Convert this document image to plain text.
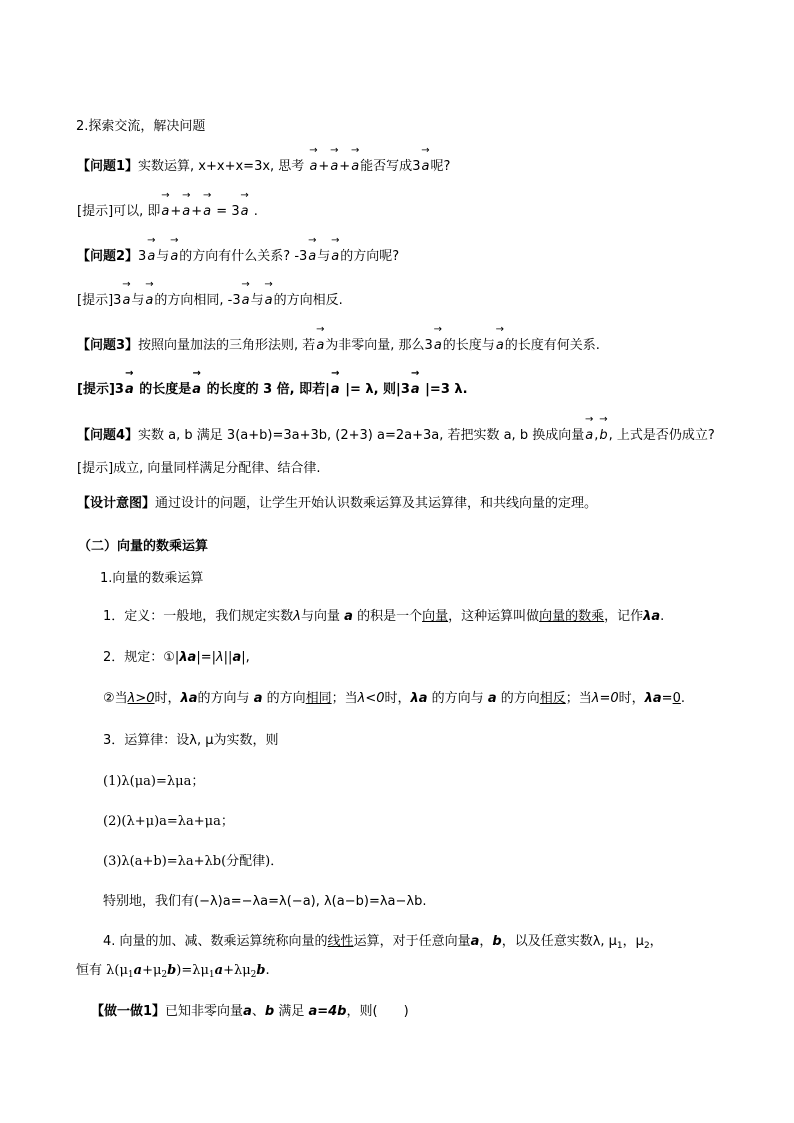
2.探索交流，解决问题
【问题1】实数运算, x+x+x=3x, 思考 → a+→ a+→ a能否写成3→ a呢?
[提示]可以, 即→ a+→ a+→ a = 3→ a .
【问题2】3→ a与→ a的方向有什么关系? -3→ a与→ a的方向呢?
[提示]3→ a与→ a的方向相同, -3→ a与→ a的方向相反.
【问题3】按照向量加法的三角形法则, 若→ a为非零向量, 那么3→ a的长度与→ a的长度有何关系.
[提示]3→ a 的长度是→ a 的长度的 3 倍, 即若|→ a |= λ, 则|3→ a |=3 λ.
【问题4】实数 a, b 满足 3(a+b)=3a+3b, (2+3) a=2a+3a, 若把实数 a, b 换成向量→ a,→ b, 上式是否仍成立?
[提示]成立, 向量同样满足分配律、结合律.
【设计意图】通过设计的问题，让学生开始认识数乘运算及其运算律，和共线向量的定理。
（二）向量的数乘运算
1.向量的数乘运算
1．定义：一般地，我们规定实数λ与向量 a 的积是一个向量，这种运算叫做向量的数乘，记作λa.
2．规定：①|λa|=|λ||a|,
②当λ>0时，λa的方向与 a 的方向相同；当λ<0时，λa 的方向与 a 的方向相反；当λ=0时，λa=0.
3．运算律：设λ, μ为实数，则
(1)λ(μa)=λμa；
(2)(λ+μ)a=λa+μa；
(3)λ(a+b)=λa+λb(分配律)．
特别地，我们有(−λ)a=−λa=λ(−a), λ(a−b)=λa−λb.
4. 向量的加、减、数乘运算统称向量的线性运算，对于任意向量a，b，以及任意实数λ, $\mu_1$，$\mu_2$，
恒有 $\lambda(\mu_1a+\mu_2b)=\lambda\mu_1a+\lambda\mu_2b$.
【做一做1】已知非零向量a、b 满足 a=4b，则(　　)
